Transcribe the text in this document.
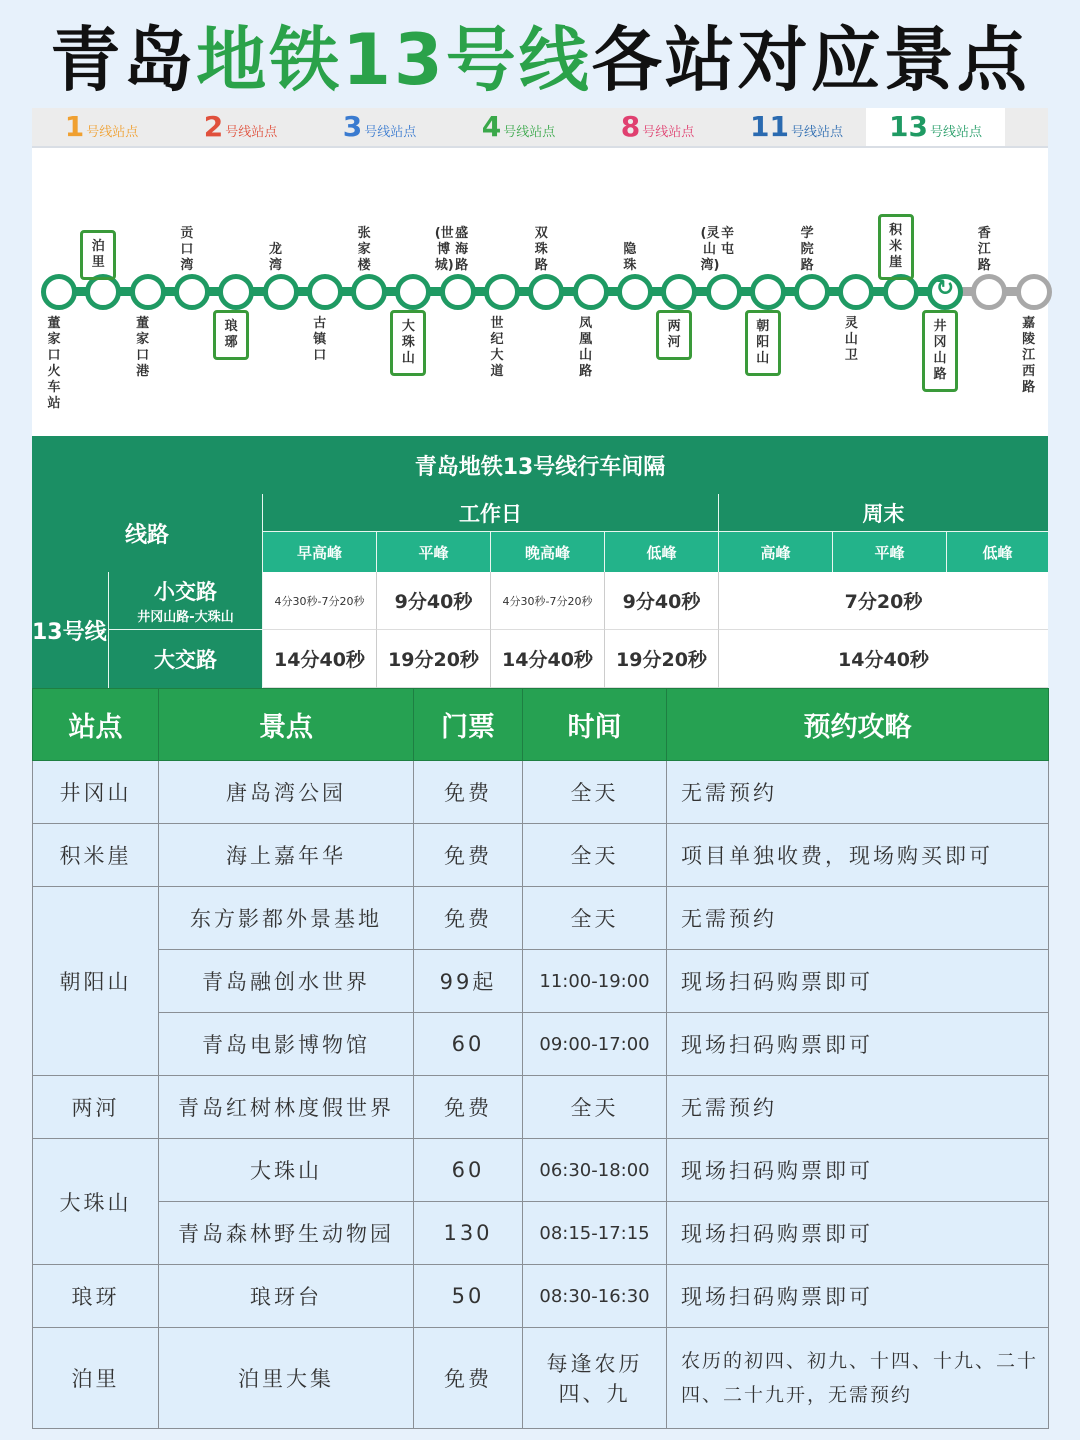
青岛 地铁13号线 各站对应景点
1 号线站点 2 号线站点 3 号线站点 4 号线站点 8 号线站点 11 号线站点 13 号线站点
↻
董家口火车站
泊里
董家口港
贡口湾
琅琊
龙湾
古镇口
张家楼
大珠山
(世博城)盛海路
世纪大道
双珠路
凤凰山路
隐珠
两河
(灵山湾)辛屯
朝阳山
学院路
灵山卫
积米崖
井冈山路
香江路
嘉陵江西路
青岛地铁13号线行车间隔
线路
工作日	周末
早高峰	平峰	晚高峰	低峰	高峰	平峰	低峰
13号线
小交路
井冈山路-大珠山
4分30秒-7分20秒	9分40秒	4分30秒-7分20秒	9分40秒	7分20秒
大交路	14分40秒	19分20秒	14分40秒	19分20秒	14分40秒
站点	景点	门票	时间	预约攻略
井冈山	唐岛湾公园	免费	全天	无需预约
积米崖	海上嘉年华	免费	全天	项目单独收费，现场购买即可
朝阳山	东方影都外景基地	免费	全天	无需预约
	青岛融创水世界	99起	11:00-19:00	现场扫码购票即可
	青岛电影博物馆	60	09:00-17:00	现场扫码购票即可
两河	青岛红树林度假世界	免费	全天	无需预约
大珠山	大珠山	60	06:30-18:00	现场扫码购票即可
	青岛森林野生动物园	130	08:15-17:15	现场扫码购票即可
琅玡	琅玡台	50	08:30-16:30	现场扫码购票即可
泊里	泊里大集	免费	每逢农历四、九	农历的初四、初九、十四、十九、二十四、二十九开，无需预约
